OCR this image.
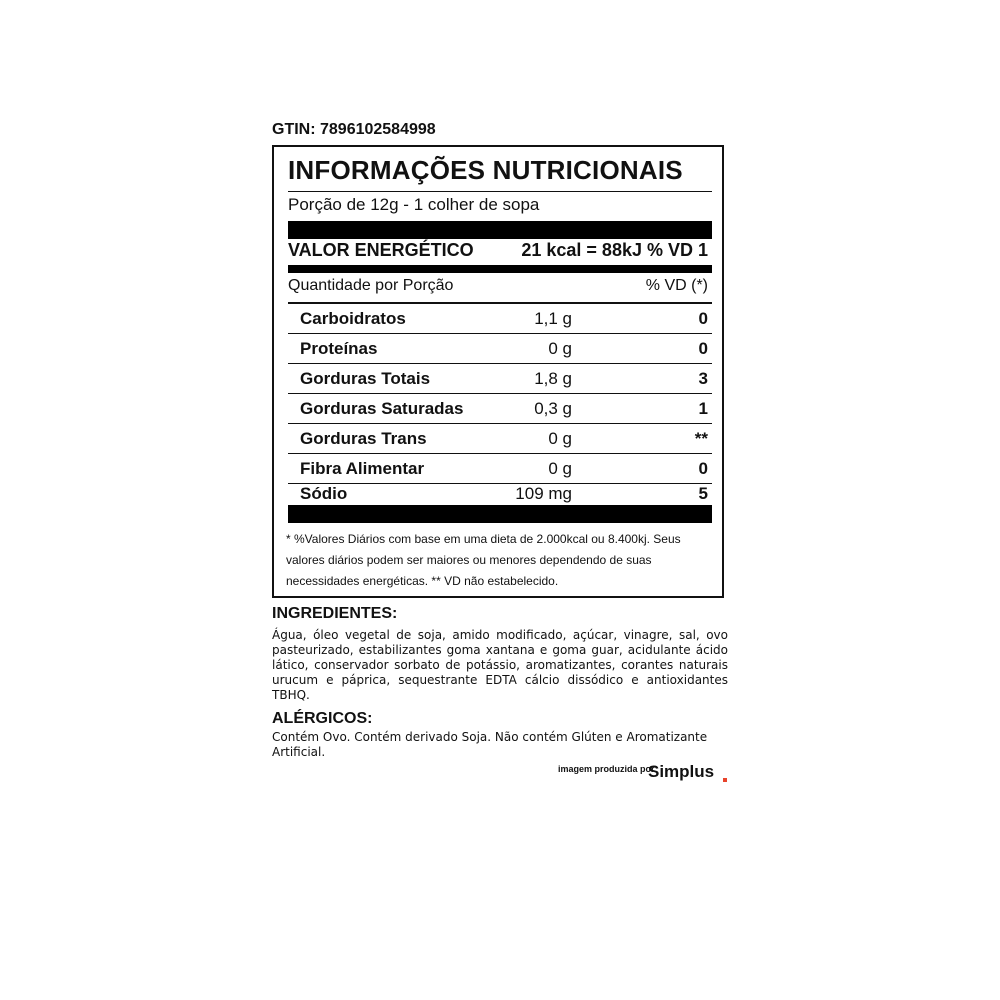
GTIN: 7896102584998
INFORMAÇÕES NUTRICIONAIS
Porção de 12g - 1 colher de sopa
VALOR ENERGÉTICO	21 kcal = 88kJ % VD 1
Quantidade por Porção	% VD (*)
Carboidratos	1,1 g	0
Proteínas	0 g	0
Gorduras Totais	1,8 g	3
Gorduras Saturadas	0,3 g	1
Gorduras Trans	0 g	**
Fibra Alimentar	0 g	0
Sódio	109 mg	5
* %Valores Diários com base em uma dieta de 2.000kcal ou 8.400kj. Seus valores diários podem ser maiores ou menores dependendo de suas necessidades energéticas. ** VD não estabelecido.
INGREDIENTES:
Água, óleo vegetal de soja, amido modificado, açúcar, vinagre, sal, ovo pasteurizado, estabilizantes goma xantana e goma guar, acidulante ácido lático, conservador sorbato de potássio, aromatizantes, corantes naturais urucum e páprica, sequestrante EDTA cálcio dissódico e antioxidantes TBHQ.
ALÉRGICOS:
Contém Ovo. Contém derivado Soja. Não contém Glúten e Aromatizante Artificial.
imagem produzida por
Simplus
